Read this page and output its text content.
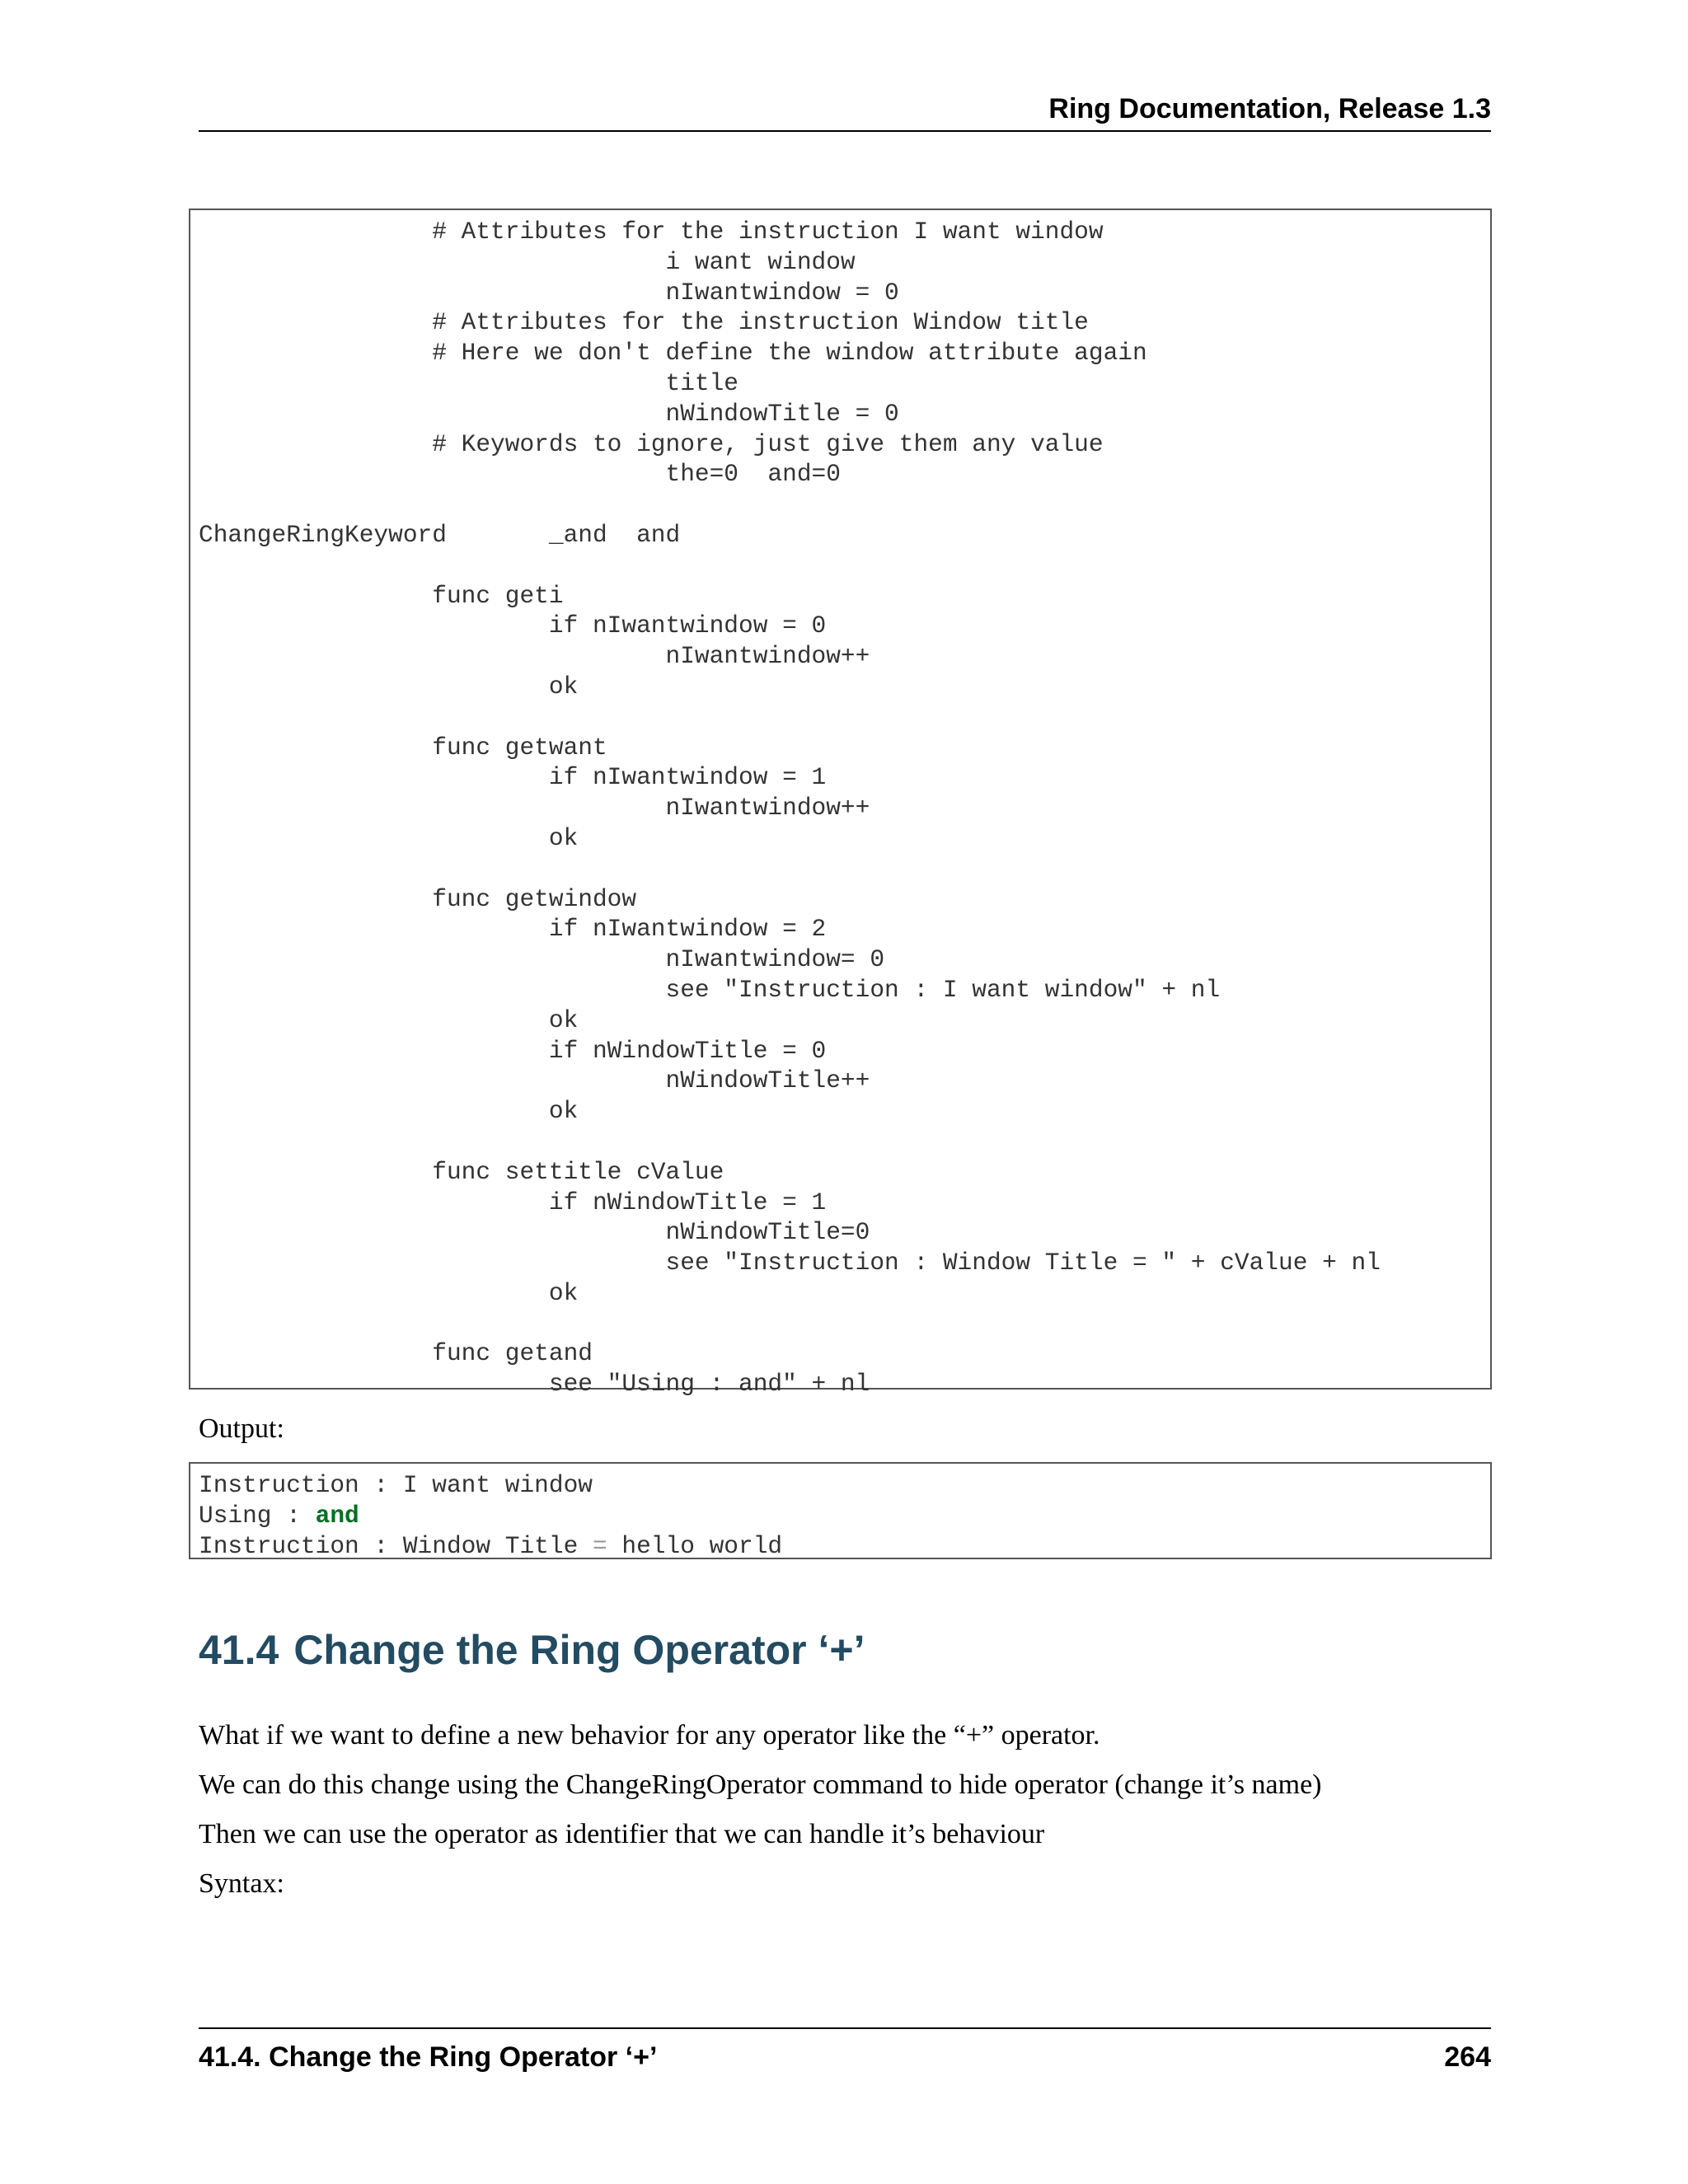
Ring Documentation, Release 1.3
# Attributes for the instruction I want window
i want window
nIwantwindow = 0
# Attributes for the instruction Window title
# Here we don't define the window attribute again
title
nWindowTitle = 0
# Keywords to ignore, just give them any value
the=0  and=0
ChangeRingKeyword       _and  and
func geti
if nIwantwindow = 0
nIwantwindow++
ok
func getwant
if nIwantwindow = 1
nIwantwindow++
ok
func getwindow
if nIwantwindow = 2
nIwantwindow= 0
see "Instruction : I want window" + nl
ok
if nWindowTitle = 0
nWindowTitle++
ok
func settitle cValue
if nWindowTitle = 1
nWindowTitle=0
see "Instruction : Window Title = " + cValue + nl
ok
func getand
see "Using : and" + nl
Output:
Instruction : I want window
Using : and
Instruction : Window Title = hello world
41.4 Change the Ring Operator ‘+’

What if we want to define a new behavior for any operator like the “+” operator.

We can do this change using the ChangeRingOperator command to hide operator (change it’s name)

Then we can use the operator as identifier that we can handle it’s behaviour

Syntax:

41.4. Change the Ring Operator ‘+’	264
